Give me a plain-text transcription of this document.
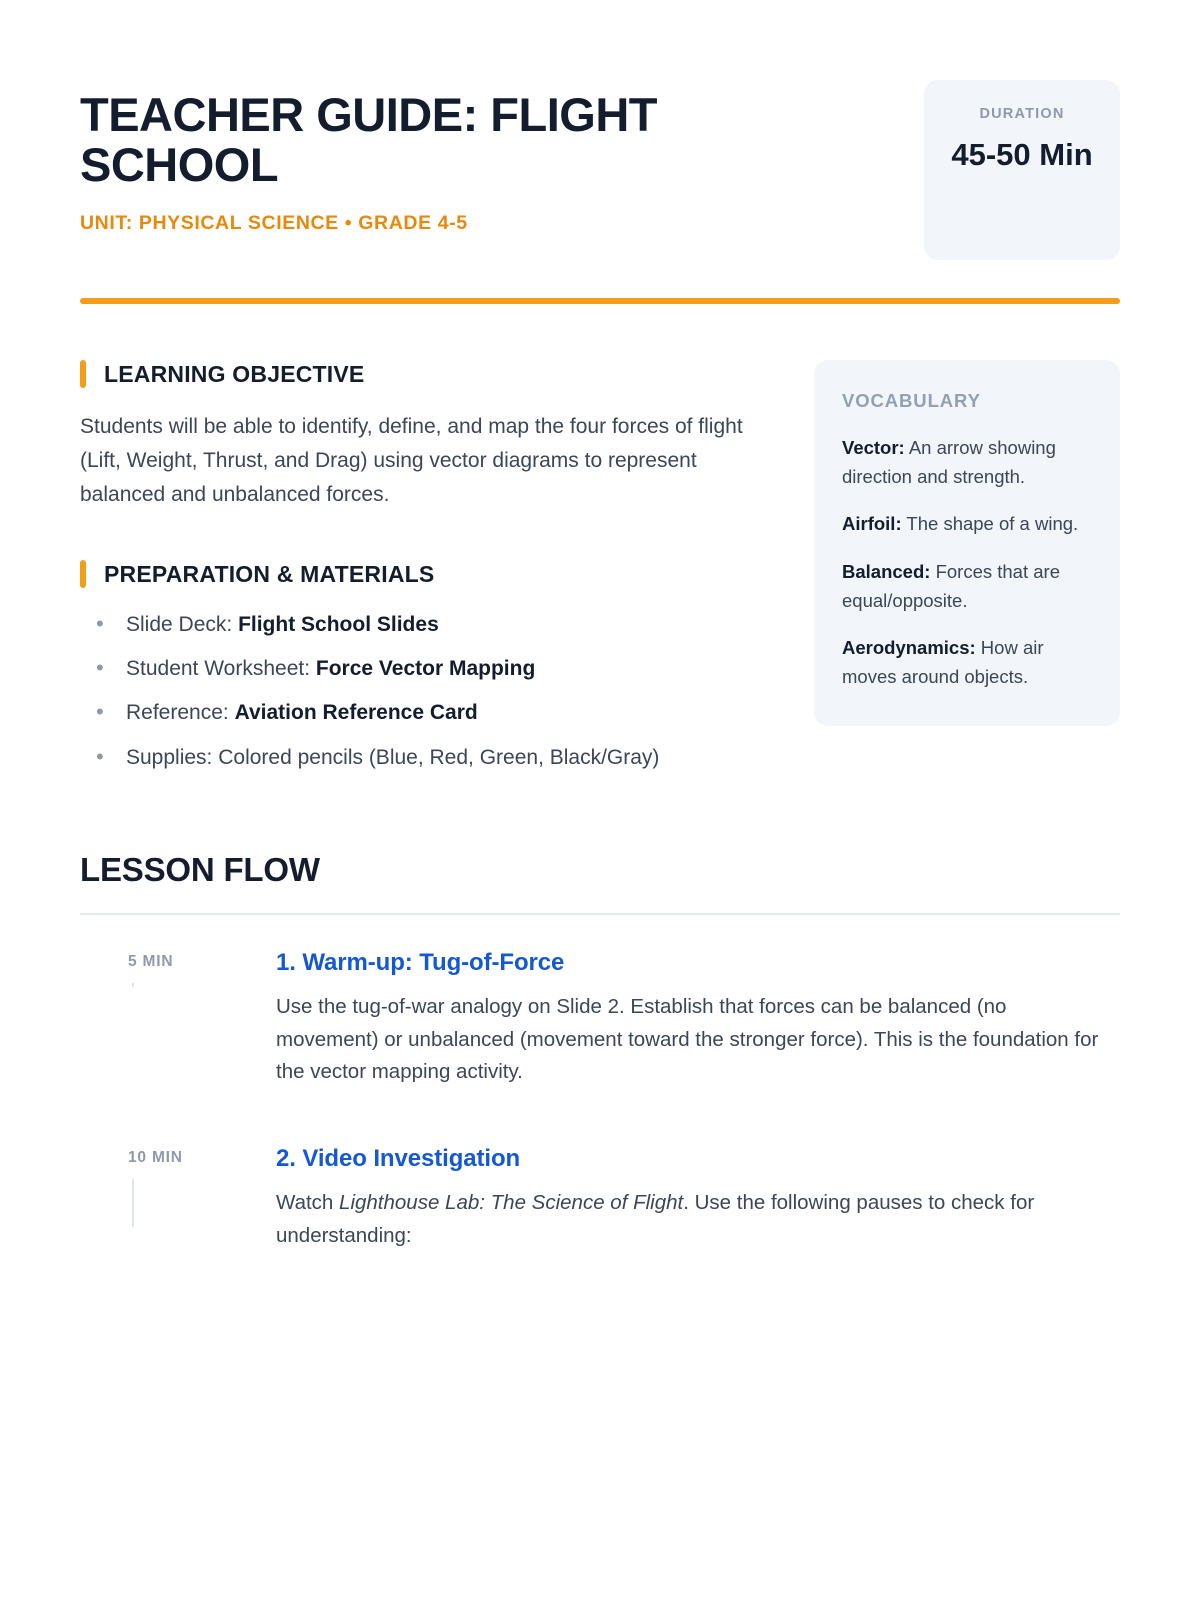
TEACHER GUIDE: FLIGHT SCHOOL
UNIT: PHYSICAL SCIENCE • GRADE 4-5
DURATION
45-50 Min
LEARNING OBJECTIVE

Students will be able to identify, define, and map the four forces of flight (Lift, Weight, Thrust, and Drag) using vector diagrams to represent balanced and unbalanced forces.

PREPARATION & MATERIALS
• Slide Deck: Flight School Slides
• Student Worksheet: Force Vector Mapping
• Reference: Aviation Reference Card
• Supplies: Colored pencils (Blue, Red, Green, Black/Gray)
VOCABULARY
Vector: An arrow showing direction and strength.
Airfoil: The shape of a wing.
Balanced: Forces that are equal/opposite.
Aerodynamics: How air moves around objects.
LESSON FLOW
5 MIN	1. Warm-up: Tug-of-Force

Use the tug-of-war analogy on Slide 2. Establish that forces can be balanced (no movement) or unbalanced (movement toward the stronger force). This is the foundation for the vector mapping activity.

10 MIN	2. Video Investigation

Watch Lighthouse Lab: The Science of Flight. Use the following pauses to check for understanding:
